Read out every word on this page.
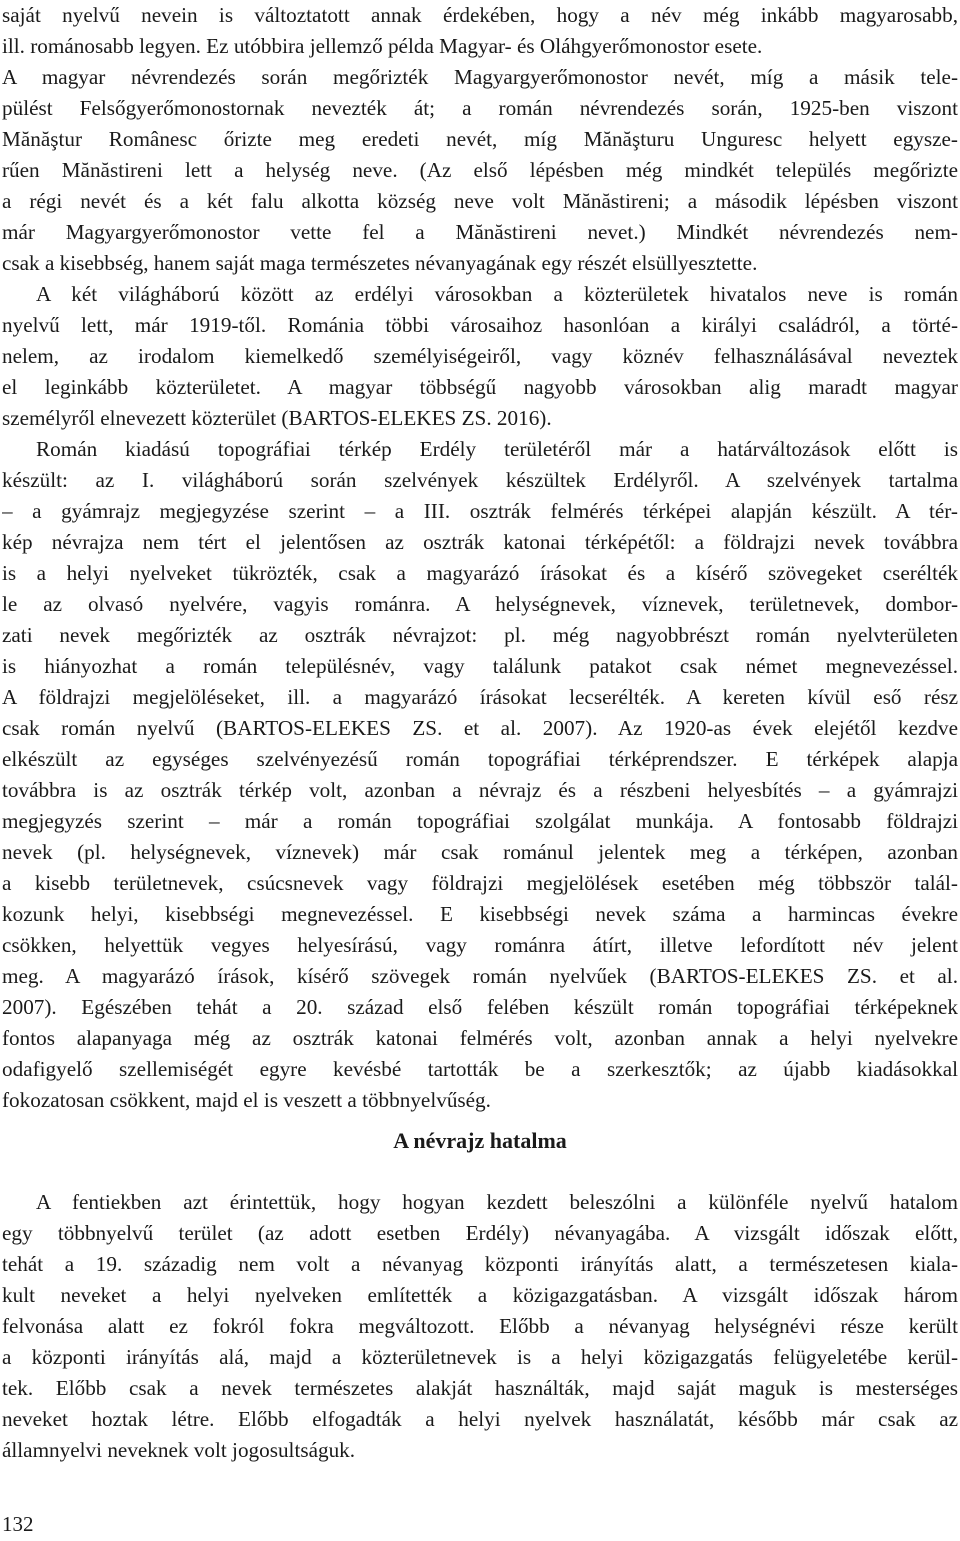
saját nyelvű nevein is változtatott annak érdekében, hogy a név még inkább magyarosabb,
ill. románosabb legyen. Ez utóbbira jellemző példa Magyar- és Oláhgyerőmonostor esete.
A magyar névrendezés során megőrizték Magyargyerőmonostor nevét, míg a másik tele-
pülést Felsőgyerőmonostornak nevezték át; a román névrendezés során, 1925-ben viszont
Mănăştur Românesc őrizte meg eredeti nevét, míg Mănăşturu Unguresc helyett egysze-
rűen Mănăstireni lett a helység neve. (Az első lépésben még mindkét település megőrizte
a régi nevét és a két falu alkotta község neve volt Mănăstireni; a második lépésben viszont
már Magyargyerőmonostor vette fel a Mănăstireni nevet.) Mindkét névrendezés nem-
csak a kisebbség, hanem saját maga természetes névanyagának egy részét elsüllyesztette.
A két világháború között az erdélyi városokban a közterületek hivatalos neve is román
nyelvű lett, már 1919-től. Románia többi városaihoz hasonlóan a királyi családról, a törté-
nelem, az irodalom kiemelkedő személyiségeiről, vagy köznév felhasználásával neveztek
el leginkább közterületet. A magyar többségű nagyobb városokban alig maradt magyar
személyről elnevezett közterület (BARTOS-ELEKES ZS. 2016).
Román kiadású topográfiai térkép Erdély területéről már a határváltozások előtt is
készült: az I. világháború során szelvények készültek Erdélyről. A szelvények tartalma
– a gyámrajz megjegyzése szerint – a III. osztrák felmérés térképei alapján készült. A tér-
kép névrajza nem tért el jelentősen az osztrák katonai térképétől: a földrajzi nevek továbbra
is a helyi nyelveket tükrözték, csak a magyarázó írásokat és a kísérő szövegeket cserélték
le az olvasó nyelvére, vagyis románra. A helységnevek, víznevek, területnevek, dombor-
zati nevek megőrizték az osztrák névrajzot: pl. még nagyobbrészt román nyelvterületen
is hiányozhat a román településnév, vagy találunk patakot csak német megnevezéssel.
A földrajzi megjelöléseket, ill. a magyarázó írásokat lecserélték. A kereten kívül eső rész
csak román nyelvű (BARTOS-ELEKES ZS. et al. 2007). Az 1920-as évek elejétől kezdve
elkészült az egységes szelvényezésű román topográfiai térképrendszer. E térképek alapja
továbbra is az osztrák térkép volt, azonban a névrajz és a részbeni helyesbítés – a gyámrajzi
megjegyzés szerint – már a román topográfiai szolgálat munkája. A fontosabb földrajzi
nevek (pl. helységnevek, víznevek) már csak románul jelentek meg a térképen, azonban
a kisebb területnevek, csúcsnevek vagy földrajzi megjelölések esetében még többször talál-
kozunk helyi, kisebbségi megnevezéssel. E kisebbségi nevek száma a harmincas évekre
csökken, helyettük vegyes helyesírású, vagy románra átírt, illetve lefordított név jelent
meg. A magyarázó írások, kísérő szövegek román nyelvűek (BARTOS-ELEKES ZS. et al.
2007). Egészében tehát a 20. század első felében készült román topográfiai térképeknek
fontos alapanyaga még az osztrák katonai felmérés volt, azonban annak a helyi nyelvekre
odafigyelő szellemiségét egyre kevésbé tartották be a szerkesztők; az újabb kiadásokkal
fokozatosan csökkent, majd el is veszett a többnyelvűség.
A névrajz hatalma
A fentiekben azt érintettük, hogy hogyan kezdett beleszólni a különféle nyelvű hatalom
egy többnyelvű terület (az adott esetben Erdély) névanyagába. A vizsgált időszak előtt,
tehát a 19. századig nem volt a névanyag központi irányítás alatt, a természetesen kiala-
kult neveket a helyi nyelveken említették a közigazgatásban. A vizsgált időszak három
felvonása alatt ez fokról fokra megváltozott. Előbb a névanyag helységnévi része került
a központi irányítás alá, majd a közterületnevek is a helyi közigazgatás felügyeletébe kerül-
tek. Előbb csak a nevek természetes alakját használták, majd saját maguk is mesterséges
neveket hoztak létre. Előbb elfogadták a helyi nyelvek használatát, később már csak az
államnyelvi neveknek volt jogosultságuk.
132
